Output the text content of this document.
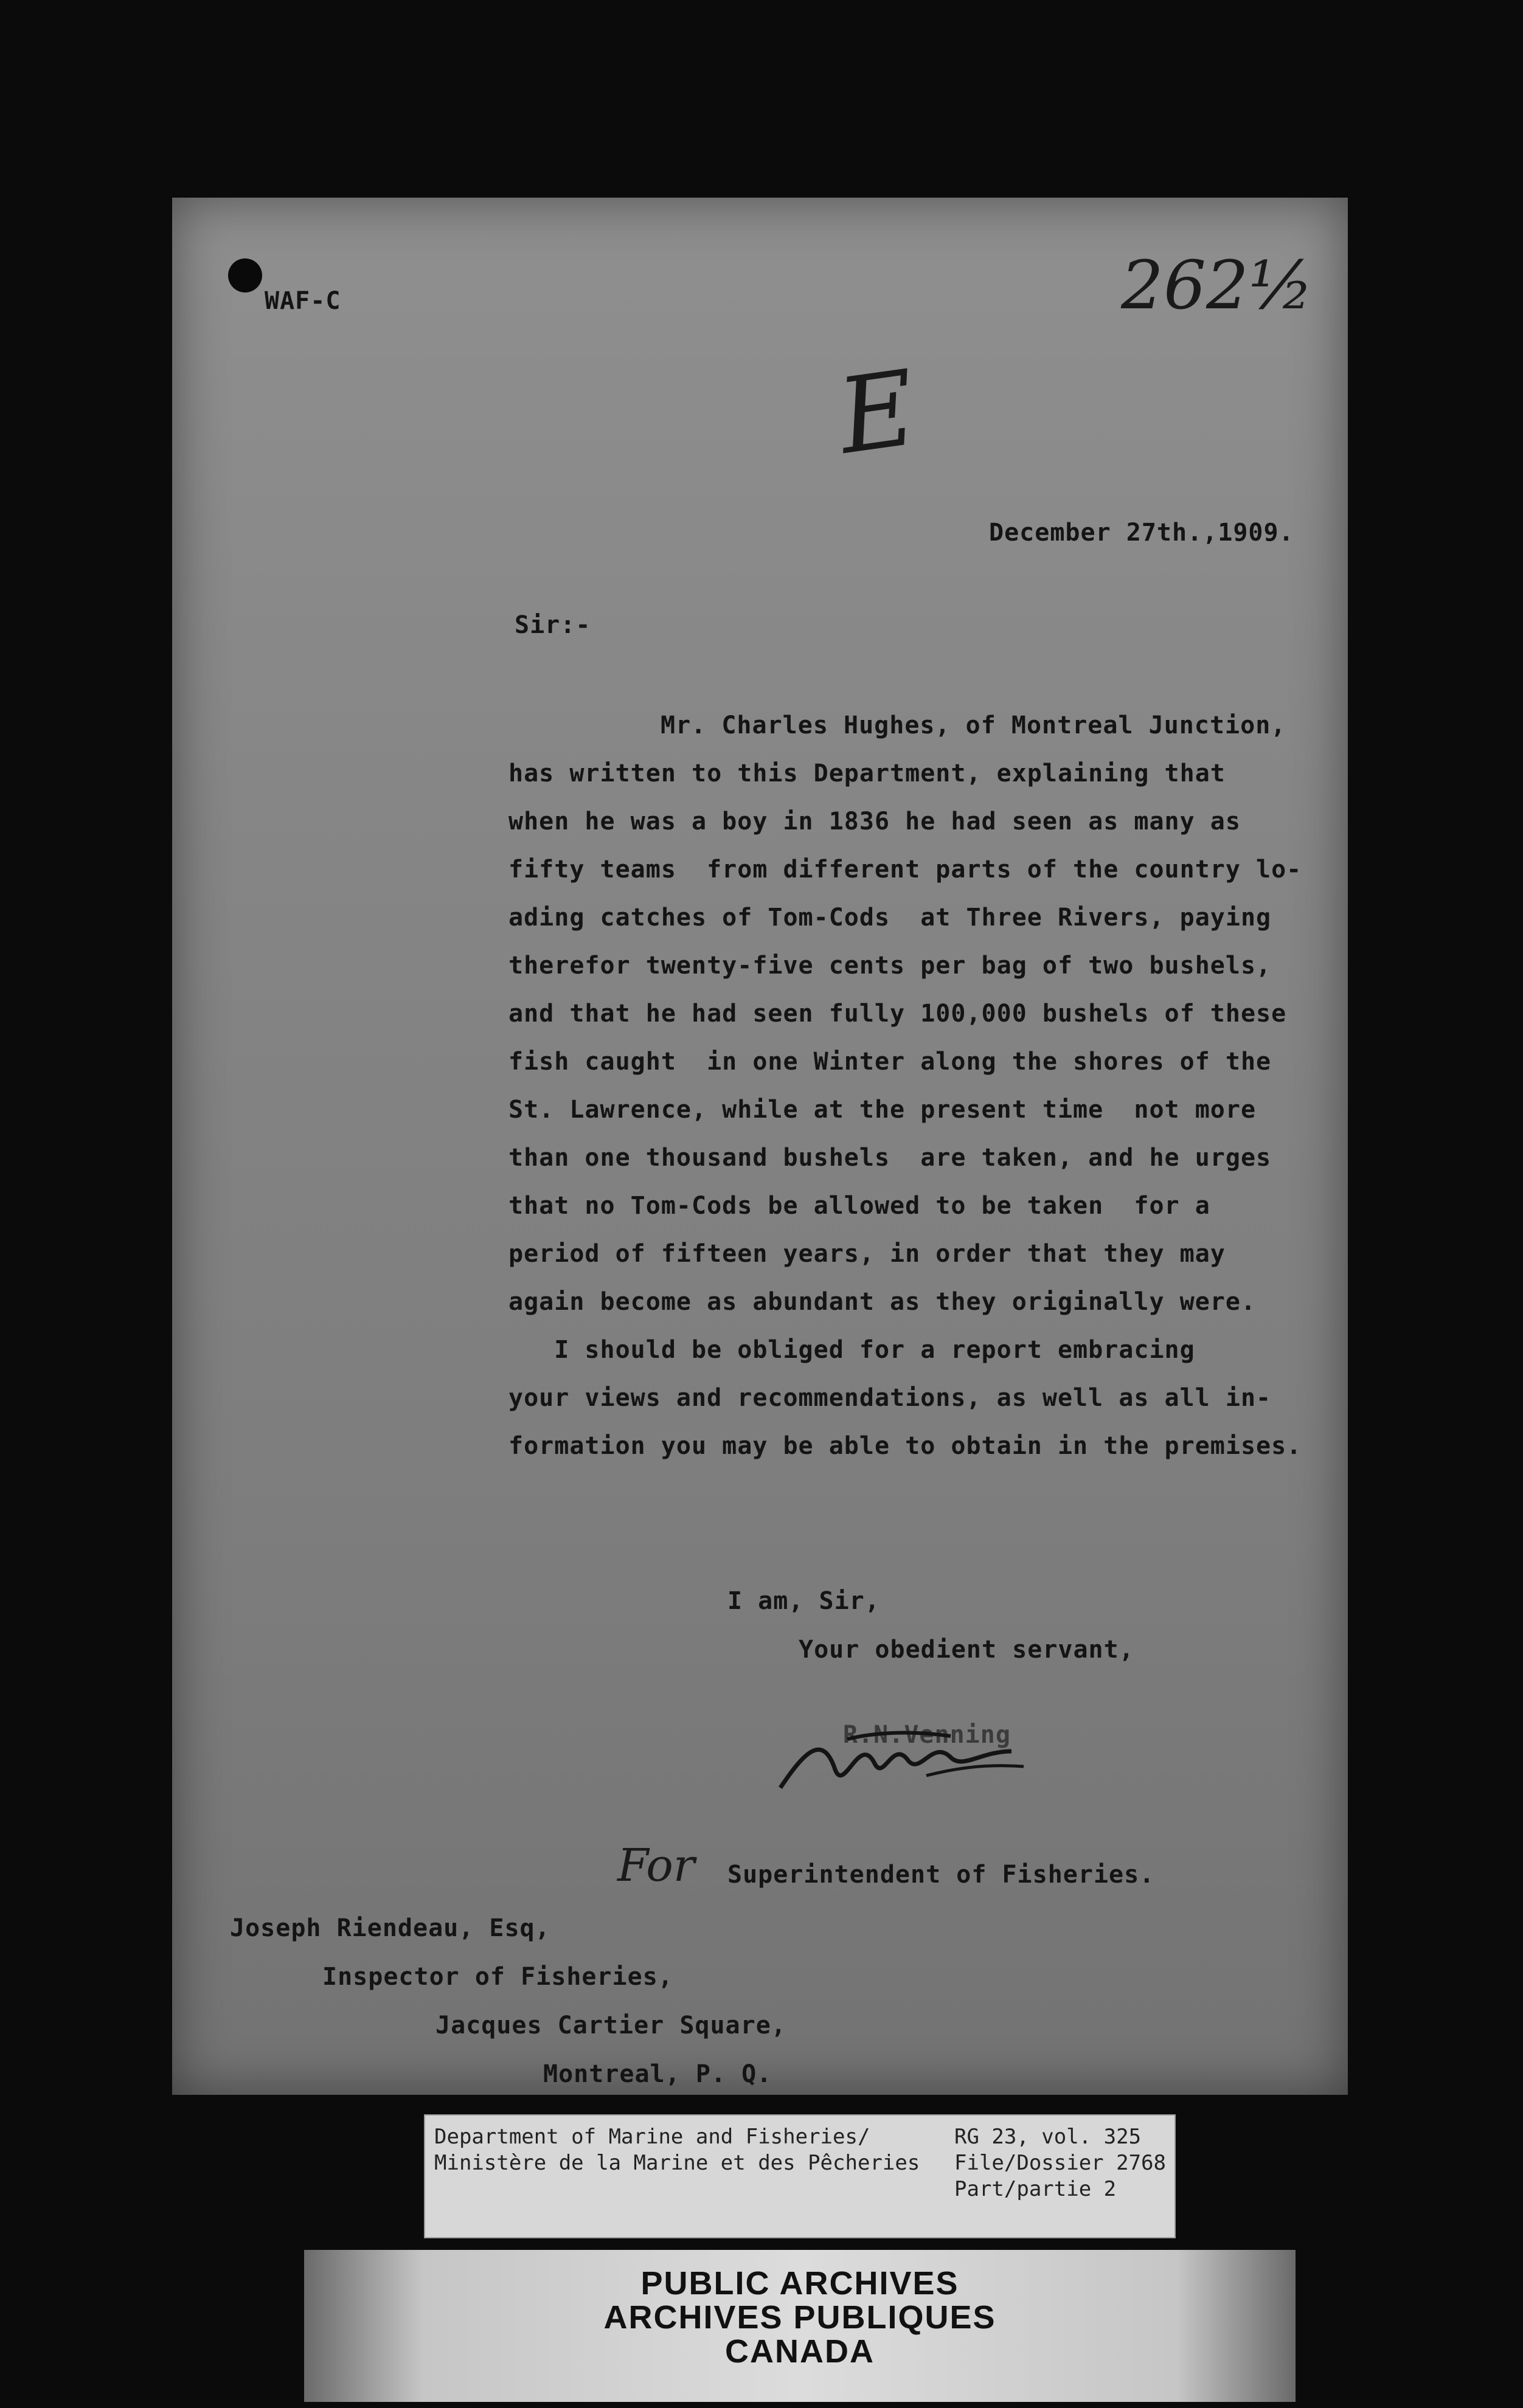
WAF-C	262½
E

December 27th.,1909.

Sir:-

Mr. Charles Hughes, of Montreal Junction,

has written to this Department, explaining that

when he was a boy in 1836 he had seen as many as

fifty teams  from different parts of the country lo-

ading catches of Tom-Cods  at Three Rivers, paying

therefor twenty-five cents per bag of two bushels,

and that he had seen fully 100,000 bushels of these

fish caught  in one Winter along the shores of the

St. Lawrence, while at the present time  not more

than one thousand bushels  are taken, and he urges

that no Tom-Cods be allowed to be taken  for a

period of fifteen years, in order that they may

again become as abundant as they originally were.

I should be obliged for a report embracing

your views and recommendations, as well as all in-

formation you may be able to obtain in the premises.

I am, Sir,

Your obedient servant,

R.N.Venning

For Superintendent of Fisheries.

Joseph Riendeau, Esq,

Inspector of Fisheries,

Jacques Cartier Square,

Montreal, P. Q.

Department of Marine and Fisheries/

Ministère de la Marine et des Pêcheries

RG 23, vol. 325

File/Dossier 2768

Part/partie 2

PUBLIC ARCHIVES

ARCHIVES PUBLIQUES

CANADA
